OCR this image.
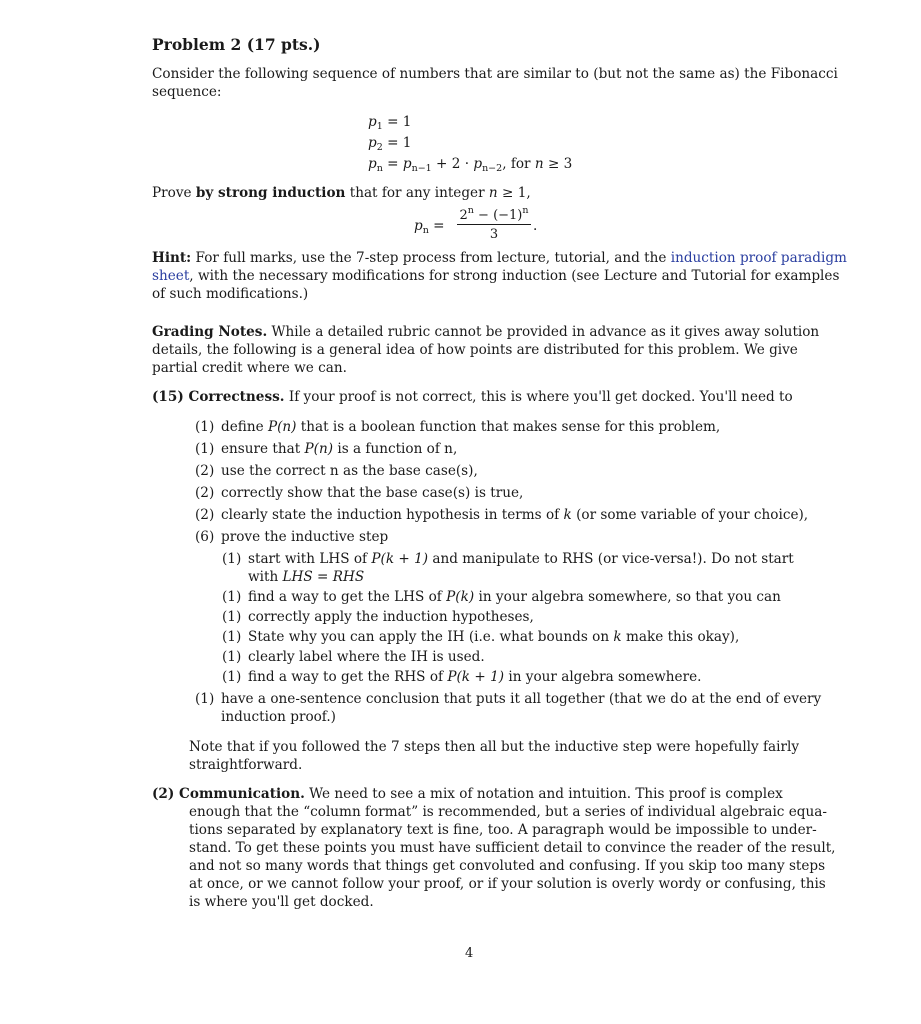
Problem 2 (17 pts.)
Consider the following sequence of numbers that are similar to (but not the same as) the Fibonacci
sequence:
$p_1 = 1$
$p_2 = 1$
$p_n = p_{n-1} + 2 \cdot p_{n-2}$, for n ≥ 3
Prove by strong induction that for any integer n ≥ 1,
$p_n$ =
$2^n - (-1)^n$
3
.
Hint: For full marks, use the 7-step process from lecture, tutorial, and the induction proof paradigm
sheet, with the necessary modifications for strong induction (see Lecture and Tutorial for examples
of such modifications.)
Grading Notes. While a detailed rubric cannot be provided in advance as it gives away solution
details, the following is a general idea of how points are distributed for this problem. We give
partial credit where we can.
(15) Correctness. If your proof is not correct, this is where you'll get docked. You'll need to
(1) define P(n) that is a boolean function that makes sense for this problem,
(1) ensure that P(n) is a function of n,
(2) use the correct n as the base case(s),
(2) correctly show that the base case(s) is true,
(2) clearly state the induction hypothesis in terms of k (or some variable of your choice),
(6) prove the inductive step
(1) start with LHS of P(k + 1) and manipulate to RHS (or vice-versa!). Do not start
with LHS = RHS
(1) find a way to get the LHS of P(k) in your algebra somewhere, so that you can
(1) correctly apply the induction hypotheses,
(1) State why you can apply the IH (i.e. what bounds on k make this okay),
(1) clearly label where the IH is used.
(1) find a way to get the RHS of P(k + 1) in your algebra somewhere.
(1) have a one-sentence conclusion that puts it all together (that we do at the end of every
induction proof.)
Note that if you followed the 7 steps then all but the inductive step were hopefully fairly
straightforward.
(2) Communication. We need to see a mix of notation and intuition. This proof is complex
enough that the “column format” is recommended, but a series of individual algebraic equa-
tions separated by explanatory text is fine, too. A paragraph would be impossible to under-
stand. To get these points you must have sufficient detail to convince the reader of the result,
and not so many words that things get convoluted and confusing. If you skip too many steps
at once, or we cannot follow your proof, or if your solution is overly wordy or confusing, this
is where you'll get docked.
4
